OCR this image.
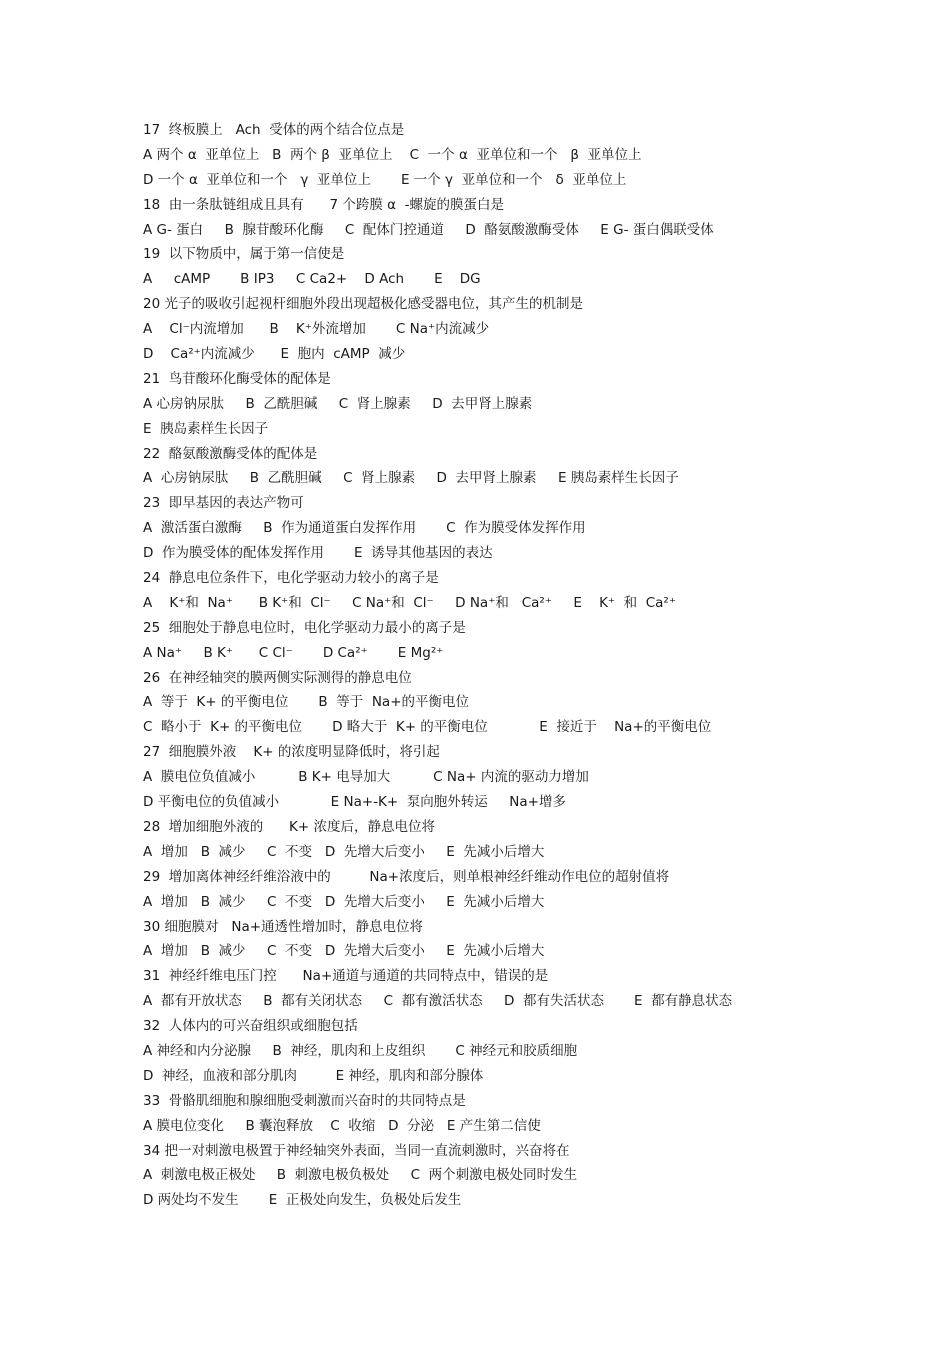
17  终板膜上   Ach  受体的两个结合位点是
A 两个 α  亚单位上   B  两个 β  亚单位上    C  一个 α  亚单位和一个   β  亚单位上
D 一个 α  亚单位和一个   γ  亚单位上       E 一个 γ  亚单位和一个   δ  亚单位上
18  由一条肽链组成且具有      7 个跨膜 α  -螺旋的膜蛋白是
A G- 蛋白     B  腺苷酸环化酶     C  配体门控通道     D  酪氨酸激酶受体     E G- 蛋白偶联受体
19  以下物质中，属于第一信使是
A     cAMP       B IP3     C Ca2+    D Ach       E    DG
20 光子的吸收引起视杆细胞外段出现超极化感受器电位，其产生的机制是
A    Cl⁻内流增加      B    K⁺外流增加       C Na⁺内流减少
D    Ca²⁺内流减少      E  胞内  cAMP  减少
21  鸟苷酸环化酶受体的配体是
A 心房钠尿肽     B  乙酰胆碱     C  肾上腺素     D  去甲肾上腺素
E  胰岛素样生长因子
22  酪氨酸激酶受体的配体是
A  心房钠尿肽     B  乙酰胆碱     C  肾上腺素     D  去甲肾上腺素     E 胰岛素样生长因子
23  即早基因的表达产物可
A  激活蛋白激酶     B  作为通道蛋白发挥作用       C  作为膜受体发挥作用
D  作为膜受体的配体发挥作用       E  诱导其他基因的表达
24  静息电位条件下，电化学驱动力较小的离子是
A    K⁺和  Na⁺      B K⁺和  Cl⁻     C Na⁺和  Cl⁻     D Na⁺和   Ca²⁺     E    K⁺  和  Ca²⁺
25  细胞处于静息电位时，电化学驱动力最小的离子是
A Na⁺     B K⁺      C Cl⁻       D Ca²⁺       E Mg²⁺
26  在神经轴突的膜两侧实际测得的静息电位
A  等于  K+ 的平衡电位       B  等于  Na+的平衡电位
C  略小于  K+ 的平衡电位       D 略大于  K+ 的平衡电位            E  接近于    Na+的平衡电位
27  细胞膜外液    K+ 的浓度明显降低时，将引起
A  膜电位负值减小          B K+ 电导加大          C Na+ 内流的驱动力增加
D 平衡电位的负值减小            E Na+-K+  泵向胞外转运     Na+增多
28  增加细胞外液的      K+ 浓度后，静息电位将
A  增加   B  减少     C  不变   D  先增大后变小     E  先减小后增大
29  增加离体神经纤维浴液中的         Na+浓度后，则单根神经纤维动作电位的超射值将
A  增加   B  减少     C  不变   D  先增大后变小     E  先减小后增大
30 细胞膜对   Na+通透性增加时，静息电位将
A  增加   B  减少     C  不变   D  先增大后变小     E  先减小后增大
31  神经纤维电压门控      Na+通道与通道的共同特点中，错误的是
A  都有开放状态     B  都有关闭状态     C  都有激活状态     D  都有失活状态       E  都有静息状态
32  人体内的可兴奋组织或细胞包括
A 神经和内分泌腺     B  神经，肌肉和上皮组织       C 神经元和胶质细胞
D  神经，血液和部分肌肉         E 神经，肌肉和部分腺体
33  骨骼肌细胞和腺细胞受刺激而兴奋时的共同特点是
A 膜电位变化     B 囊泡释放    C  收缩   D  分泌   E 产生第二信使
34 把一对刺激电极置于神经轴突外表面，当同一直流刺激时，兴奋将在
A  刺激电极正极处     B  刺激电极负极处     C  两个刺激电极处同时发生
D 两处均不发生       E  正极处向发生，负极处后发生
